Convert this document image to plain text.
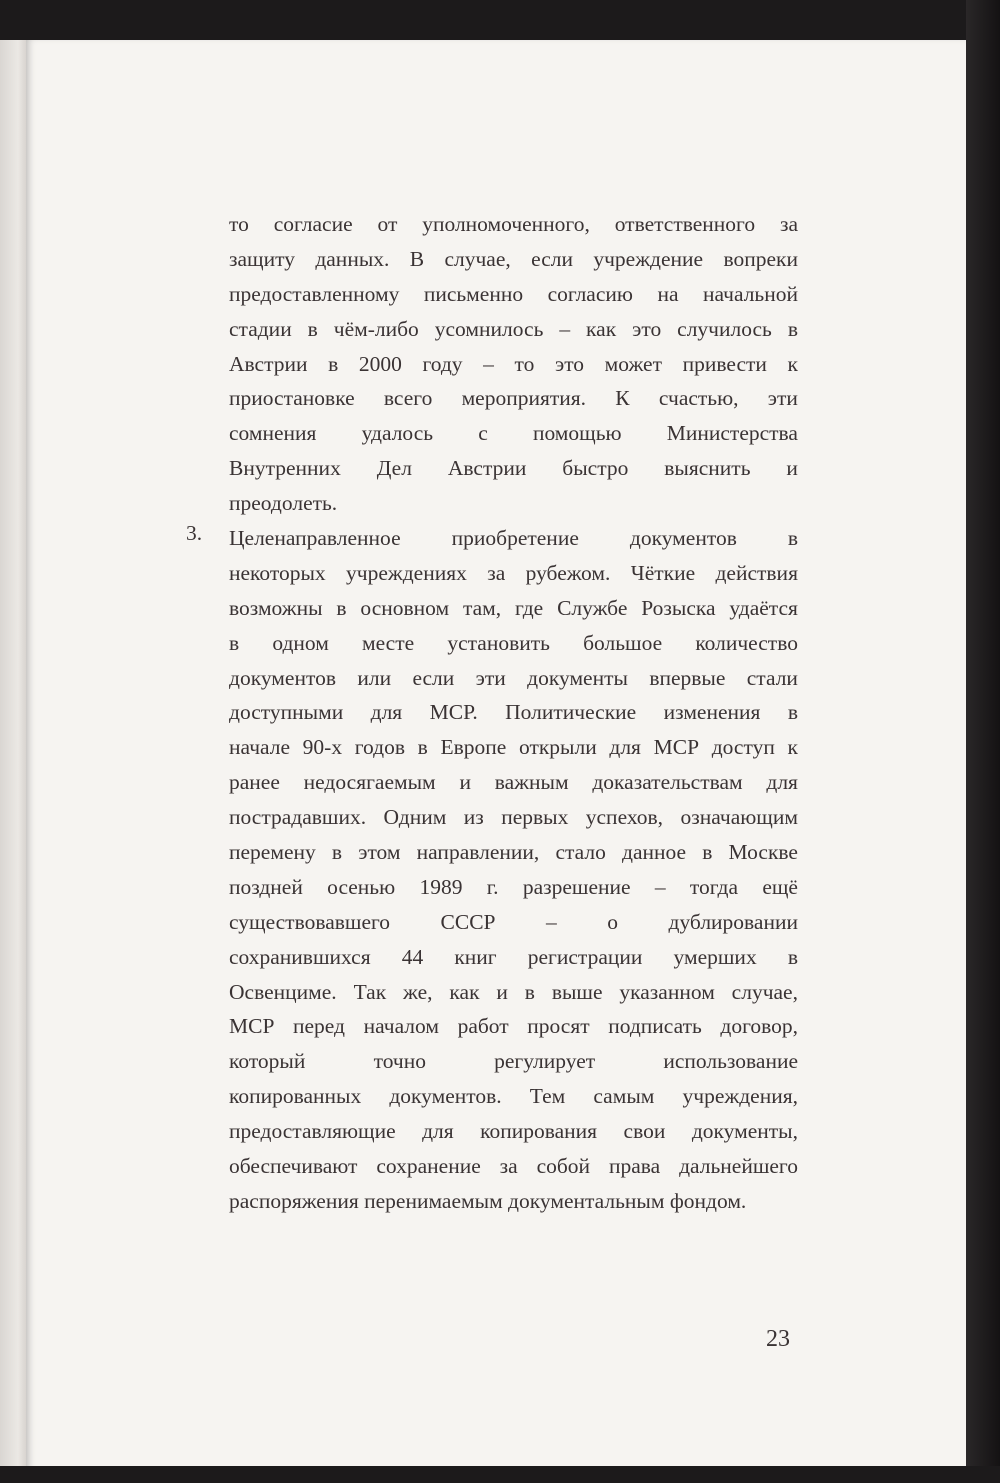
то согласие от уполномоченного, ответственного за
защиту данных. В случае, если учреждение вопреки
предоставленному письменно согласию на начальной
стадии в чём-либо усомнилось – как это случилось в
Австрии в 2000 году – то это может привести к
приостановке всего мероприятия. К счастью, эти
сомнения удалось с помощью Министерства
Внутренних Дел Австрии быстро выяснить и
преодолеть.
3. Целенаправленное приобретение документов в
некоторых учреждениях за рубежом. Чёткие действия
возможны в основном там, где Службе Розыска удаётся
в одном месте установить большое количество
документов или если эти документы впервые стали
доступными для МСР. Политические изменения в
начале 90-х годов в Европе открыли для МСР доступ к
ранее недосягаемым и важным доказательствам для
пострадавших. Одним из первых успехов, означающим
перемену в этом направлении, стало данное в Москве
поздней осенью 1989 г. разрешение – тогда ещё
существовавшего СССР – о дублировании
сохранившихся 44 книг регистрации умерших в
Освенциме. Так же, как и в выше указанном случае,
МСР перед началом работ просят подписать договор,
который	точно	регулирует	использование
копированных документов. Тем самым учреждения,
предоставляющие для копирования свои документы,
обеспечивают сохранение за собой права дальнейшего
распоряжения перенимаемым документальным фондом.
23
